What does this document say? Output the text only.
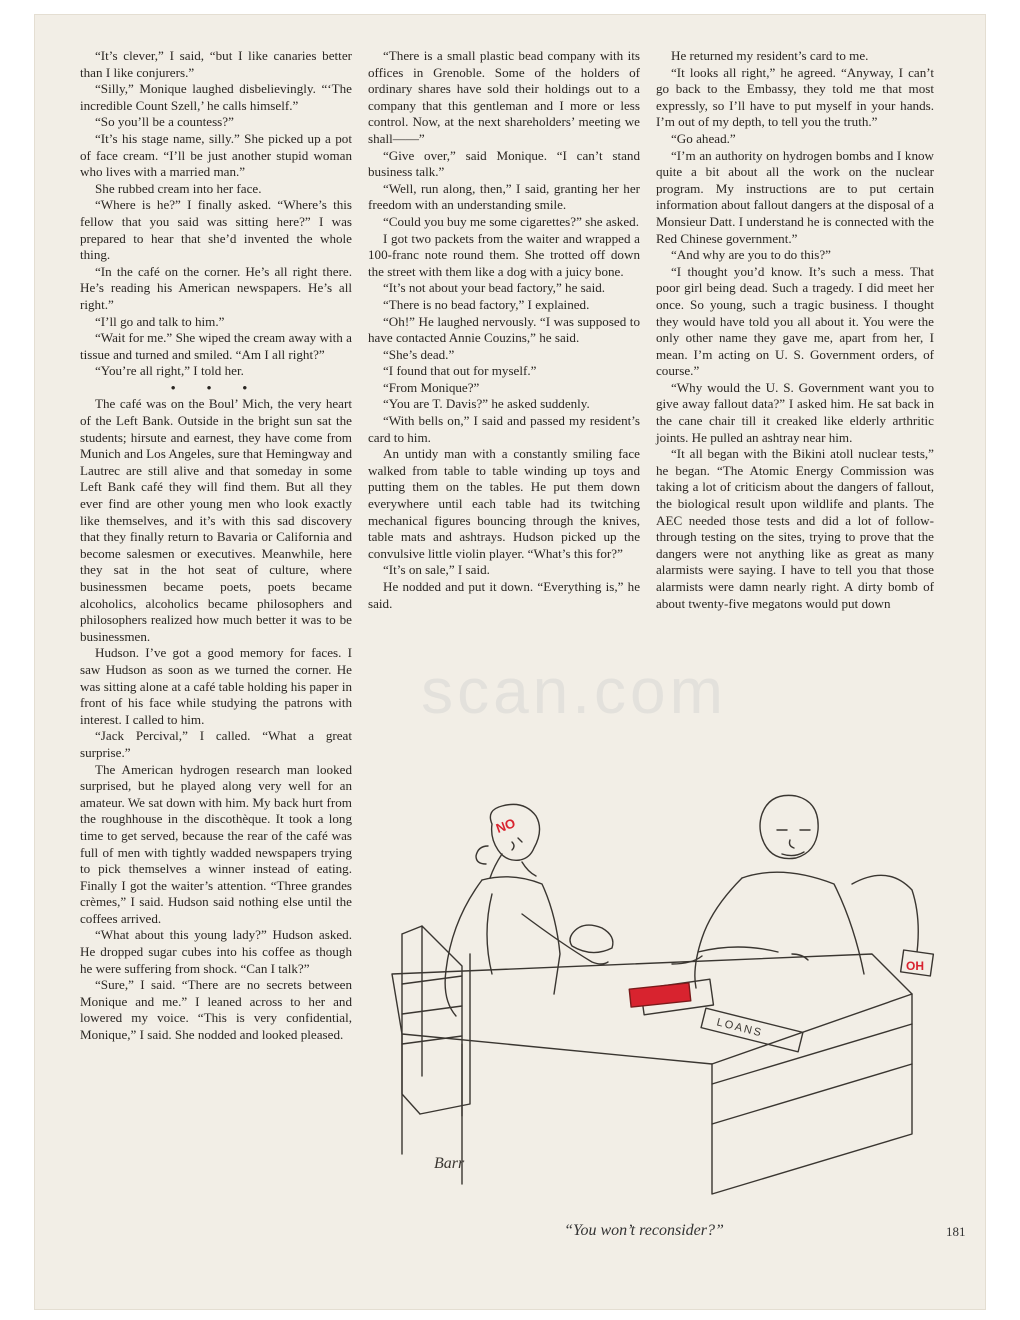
scan.com

“It’s clever,” I said, “but I like canaries better than I like conjurers.”

“Silly,” Monique laughed disbelievingly. “‘The incredible Count Szell,’ he calls himself.”

“So you’ll be a countess?”

“It’s his stage name, silly.” She picked up a pot of face cream. “I’ll be just another stupid woman who lives with a married man.”

She rubbed cream into her face.

“Where is he?” I finally asked. “Where’s this fellow that you said was sitting here?” I was prepared to hear that she’d invented the whole thing.

“In the café on the corner. He’s all right there. He’s reading his American newspapers. He’s all right.”

“I’ll go and talk to him.”

“Wait for me.” She wiped the cream away with a tissue and turned and smiled. “Am I all right?”

“You’re all right,” I told her.

• • •

The café was on the Boul’ Mich, the very heart of the Left Bank. Outside in the bright sun sat the students; hirsute and earnest, they have come from Munich and Los Angeles, sure that Hemingway and Lautrec are still alive and that someday in some Left Bank café they will find them. But all they ever find are other young men who look exactly like themselves, and it’s with this sad discovery that they finally return to Bavaria or California and become salesmen or executives. Meanwhile, here they sat in the hot seat of culture, where businessmen became poets, poets became alcoholics, alcoholics became philosophers and philosophers realized how much better it was to be businessmen.

Hudson. I’ve got a good memory for faces. I saw Hudson as soon as we turned the corner. He was sitting alone at a café table holding his paper in front of his face while studying the patrons with interest. I called to him.

“Jack Percival,” I called. “What a great surprise.”

The American hydrogen research man looked surprised, but he played along very well for an amateur. We sat down with him. My back hurt from the roughhouse in the discothèque. It took a long time to get served, because the rear of the café was full of men with tightly wadded newspapers trying to pick themselves a winner instead of eating. Finally I got the waiter’s attention. “Three grandes crèmes,” I said. Hudson said nothing else until the coffees arrived.

“What about this young lady?” Hudson asked. He dropped sugar cubes into his coffee as though he were suffering from shock. “Can I talk?”

“Sure,” I said. “There are no secrets between Monique and me.” I leaned across to her and lowered my voice. “This is very confidential, Monique,” I said. She nodded and looked pleased.

“There is a small plastic bead company with its offices in Grenoble. Some of the holders of ordinary shares have sold their holdings out to a company that this gentleman and I more or less control. Now, at the next shareholders’ meeting we shall——”

“Give over,” said Monique. “I can’t stand business talk.”

“Well, run along, then,” I said, granting her her freedom with an understanding smile.

“Could you buy me some cigarettes?” she asked.

I got two packets from the waiter and wrapped a 100-franc note round them. She trotted off down the street with them like a dog with a juicy bone.

“It’s not about your bead factory,” he said.

“There is no bead factory,” I explained.

“Oh!” He laughed nervously. “I was supposed to have contacted Annie Couzins,” he said.

“She’s dead.”

“I found that out for myself.”

“From Monique?”

“You are T. Davis?” he asked suddenly.

“With bells on,” I said and passed my resident’s card to him.

An untidy man with a constantly smiling face walked from table to table winding up toys and putting them on the tables. He put them down everywhere until each table had its twitching mechanical figures bouncing through the knives, table mats and ashtrays. Hudson picked up the convulsive little violin player. “What’s this for?”

“It’s on sale,” I said.

He nodded and put it down. “Everything is,” he said.

He returned my resident’s card to me.

“It looks all right,” he agreed. “Anyway, I can’t go back to the Embassy, they told me that most expressly, so I’ll have to put myself in your hands. I’m out of my depth, to tell you the truth.”

“Go ahead.”

“I’m an authority on hydrogen bombs and I know quite a bit about all the work on the nuclear program. My instructions are to put certain information about fallout dangers at the disposal of a Monsieur Datt. I understand he is connected with the Red Chinese government.”

“And why are you to do this?”

“I thought you’d know. It’s such a mess. That poor girl being dead. Such a tragedy. I did meet her once. So young, such a tragic business. I thought they would have told you all about it. You were the only other name they gave me, apart from her, I mean. I’m acting on U. S. Government orders, of course.”

“Why would the U. S. Government want you to give away fallout data?” I asked him. He sat back in the cane chair till it creaked like elderly arthritic joints. He pulled an ashtray near him.

“It all began with the Bikini atoll nuclear tests,” he began. “The Atomic Energy Commission was taking a lot of criticism about the dangers of fallout, the biological result upon wildlife and plants. The AEC needed those tests and did a lot of follow-through testing on the sites, trying to prove that the dangers were not anything like as great as many alarmists were saying. I have to tell you that those alarmists were damn nearly right. A dirty bomb of about twenty-five megatons would put down

NO
OH
LOANS
Barr
“You won’t reconsider?”	181
